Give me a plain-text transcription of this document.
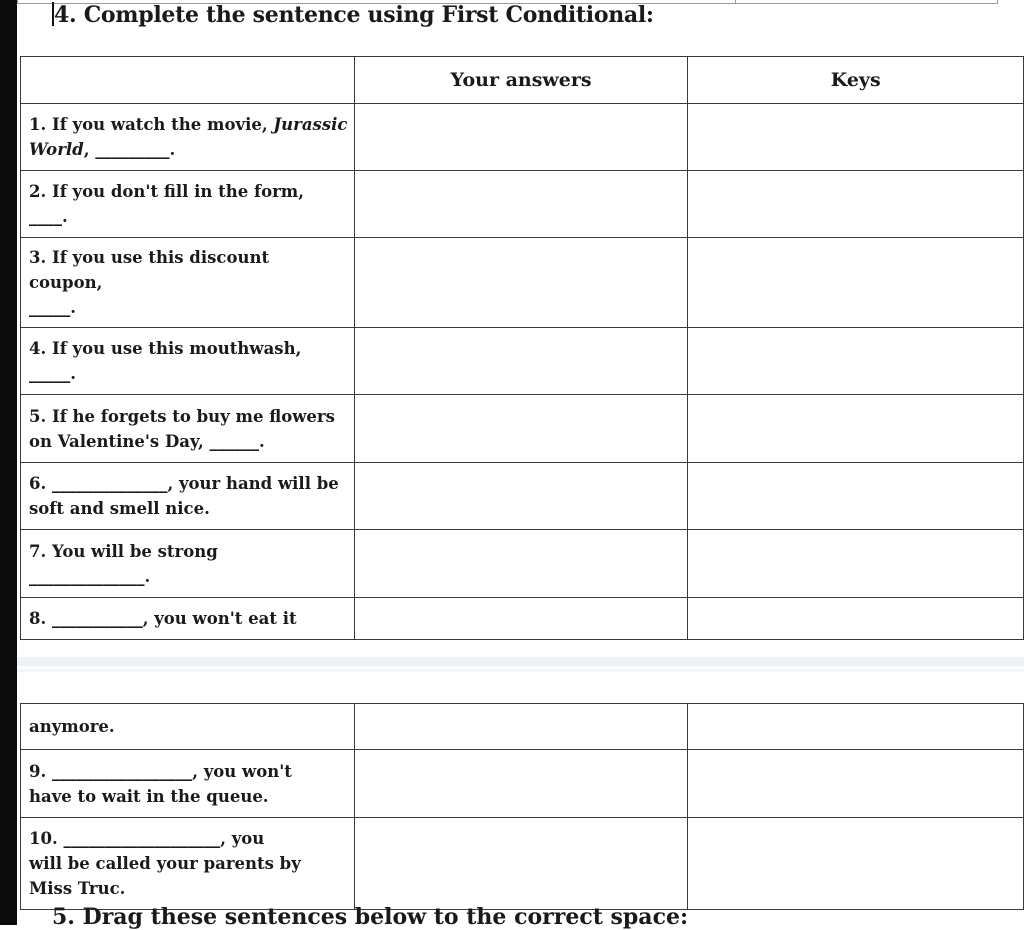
4. Complete the sentence using First Conditional:
	Your answers	Keys

1. If you watch the movie, Jurassic
World, _________.		

2. If you don't fill in the form,
____.		

3. If you use this discount
coupon,
_____.		

4. If you use this mouthwash,
_____.		

5. If he forgets to buy me flowers
on Valentine's Day, ______.		

6. ______________, your hand will be
soft and smell nice.		

7. You will be strong
______________.		

8. ___________, you won't eat it		

anymore.		

9. _________________, you won't
have to wait in the queue.		

10. ___________________, you
will be called your parents by
Miss Truc.		

5. Drag these sentences below to the correct space:
